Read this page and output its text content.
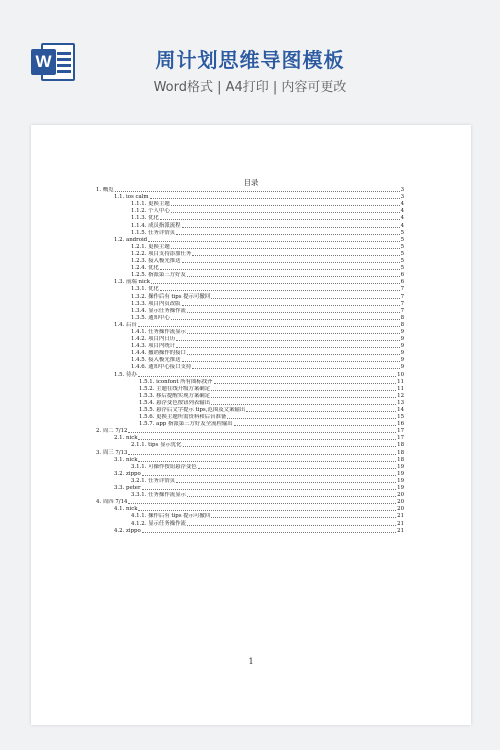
W	周计划思维导图模板
Word格式 | A4打印 | 内容可更改
目录
1. 概览	3
1.1. ios calm	3
1.1.1. 更换主题	4
1.1.2. 个人中心	4
1.1.3. 优化	4
1.1.4. 成员指派流程	4
1.1.5. 任务详情页	5
1.2. android	5
1.2.1. 更换主题	5
1.2.2. 项目支持添加任务	5
1.2.3. 接入极光推送	5
1.2.4. 优化	5
1.2.5. 指派第三方好友	6
1.3. 前端 nick	6
1.3.1. 优化	7
1.3.2. 操作后有 tips 提示可撤回	7
1.3.3. 项目内页改版	7
1.3.4. 显示任务操作流	7
1.3.5. 通知中心	8
1.4. 后台	8
1.4.1. 任务操作流显示	9
1.4.2. 项目内日历	9
1.4.3. 项目内统计	9
1.4.4. 撤销操作的接口	9
1.4.5. 接入极光推送	9
1.4.6. 通知中心接口支持	9
1.5. 待办	10
1.5.1. iconfont 所有图标找齐	11
1.5.2. 主题在线升级方案确定	11
1.5.3. 移后提醒实现方案确定	12
1.5.4. 悬浮变色按钮列表输出	13
1.5.5. 悬浮后文字提示 tips,范围及文案输出	14
1.5.6. 更换主题所需资料和后台准备	15
1.5.7. app 指派第三方好友全流程输出	16
2. 周二 7/12	17
2.1. nick	17
2.1.1. tips 显示优化	18
3. 周三 7/13	18
3.1. nick	18
3.1.1. 可操作按钮悬浮变色	19
3.2. zippo	19
3.2.1. 任务详情页	19
3.3. peter	19
3.3.1. 任务操作流显示	20
4. 周四 7/14	20
4.1. nick	20
4.1.1. 操作后有 tips 提示可撤回	21
4.1.2. 显示任务操作流	21
4.2. zippo	21
1
